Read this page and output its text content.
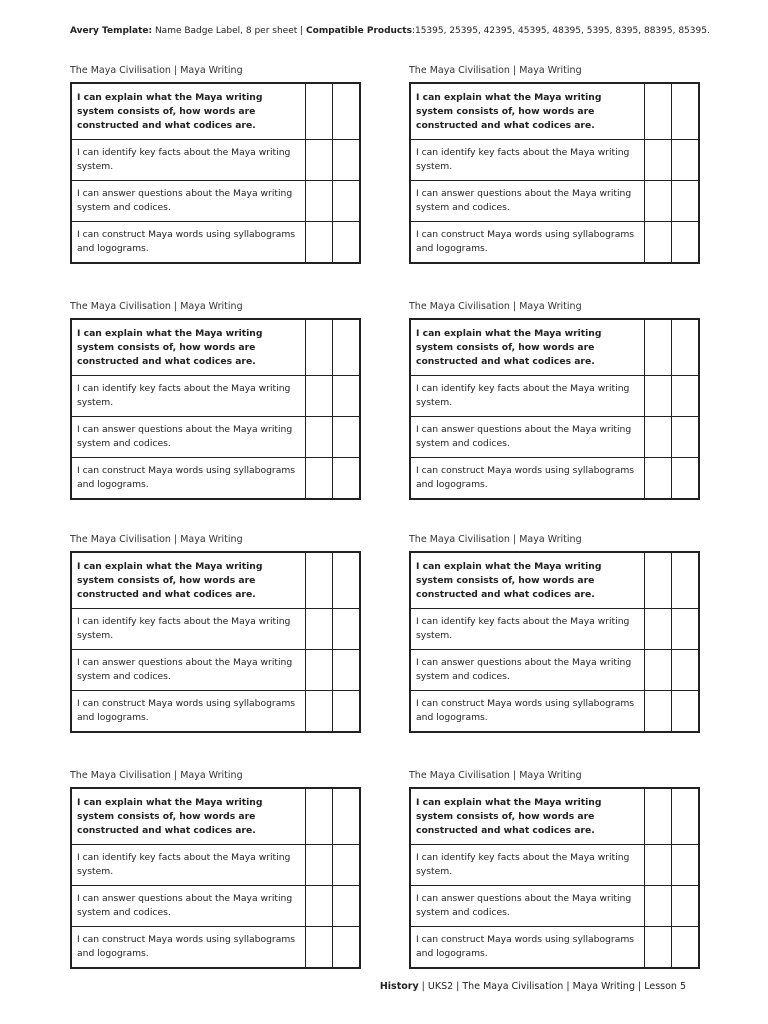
Avery Template: Name Badge Label, 8 per sheet | Compatible Products:15395, 25395, 42395, 45395, 48395, 5395, 8395, 88395, 85395.
The Maya Civilisation | Maya Writing
I can explain what the Maya writing system consists of, how words are constructed and what codices are.		
I can identify key facts about the Maya writing system.		
I can answer questions about the Maya writing system and codices.		
I can construct Maya words using syllabograms and logograms.		
The Maya Civilisation | Maya Writing
I can explain what the Maya writing system consists of, how words are constructed and what codices are.		
I can identify key facts about the Maya writing system.		
I can answer questions about the Maya writing system and codices.		
I can construct Maya words using syllabograms and logograms.		
The Maya Civilisation | Maya Writing
I can explain what the Maya writing system consists of, how words are constructed and what codices are.		
I can identify key facts about the Maya writing system.		
I can answer questions about the Maya writing system and codices.		
I can construct Maya words using syllabograms and logograms.		
The Maya Civilisation | Maya Writing
I can explain what the Maya writing system consists of, how words are constructed and what codices are.		
I can identify key facts about the Maya writing system.		
I can answer questions about the Maya writing system and codices.		
I can construct Maya words using syllabograms and logograms.		
The Maya Civilisation | Maya Writing
I can explain what the Maya writing system consists of, how words are constructed and what codices are.		
I can identify key facts about the Maya writing system.		
I can answer questions about the Maya writing system and codices.		
I can construct Maya words using syllabograms and logograms.		
The Maya Civilisation | Maya Writing
I can explain what the Maya writing system consists of, how words are constructed and what codices are.		
I can identify key facts about the Maya writing system.		
I can answer questions about the Maya writing system and codices.		
I can construct Maya words using syllabograms and logograms.		
The Maya Civilisation | Maya Writing
I can explain what the Maya writing system consists of, how words are constructed and what codices are.		
I can identify key facts about the Maya writing system.		
I can answer questions about the Maya writing system and codices.		
I can construct Maya words using syllabograms and logograms.		
The Maya Civilisation | Maya Writing
I can explain what the Maya writing system consists of, how words are constructed and what codices are.		
I can identify key facts about the Maya writing system.		
I can answer questions about the Maya writing system and codices.		
I can construct Maya words using syllabograms and logograms.		
History | UKS2 | The Maya Civilisation | Maya Writing | Lesson 5
